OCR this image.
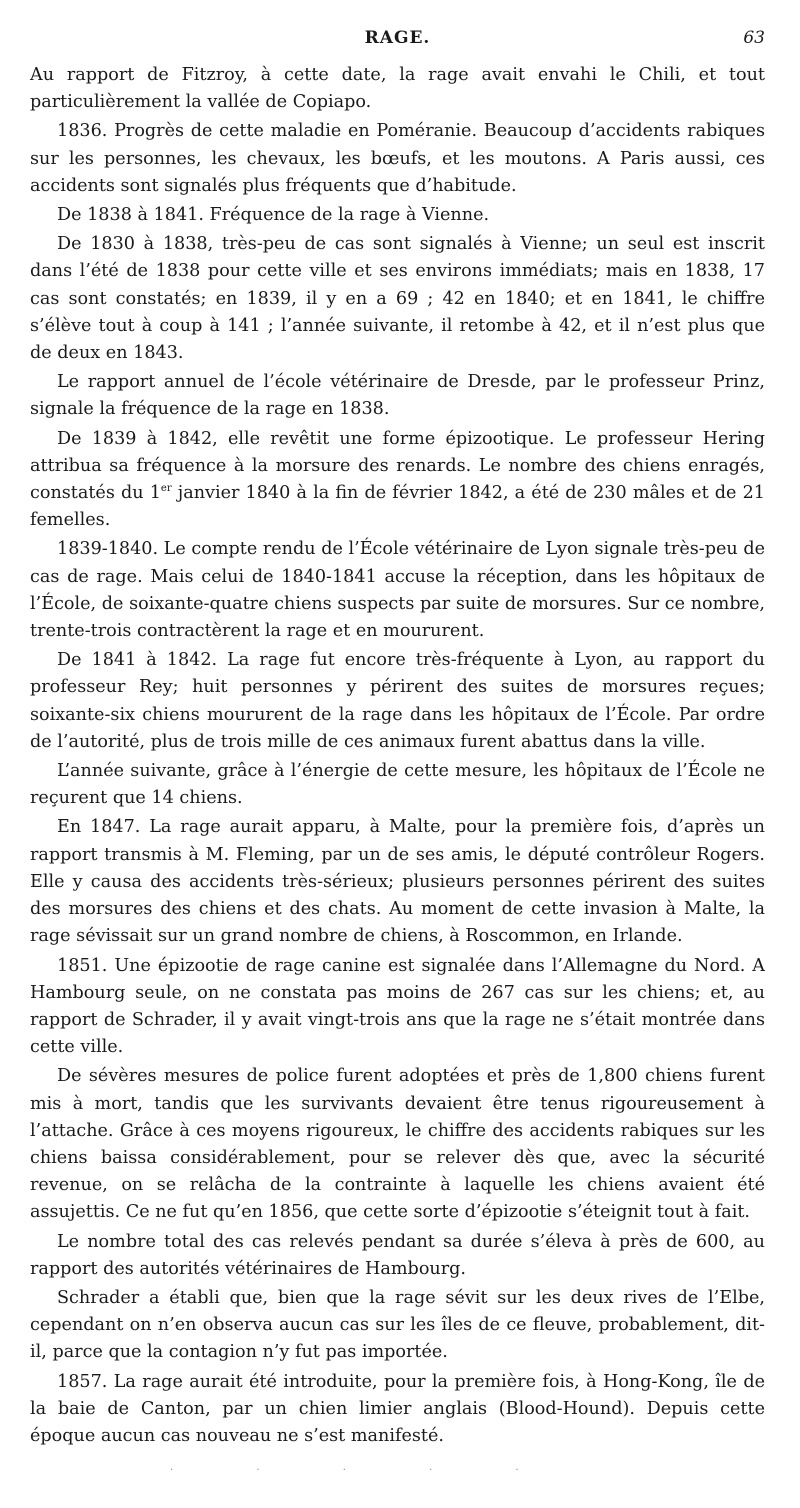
RAGE.	63

Au rapport de Fitzroy, à cette date, la rage avait envahi le Chili, et tout particulièrement la vallée de Copiapo.

1836. Progrès de cette maladie en Poméranie. Beaucoup d’accidents rabiques sur les personnes, les chevaux, les bœufs, et les moutons. A Paris aussi, ces accidents sont signalés plus fréquents que d’habitude.

De 1838 à 1841. Fréquence de la rage à Vienne.

De 1830 à 1838, très-peu de cas sont signalés à Vienne; un seul est inscrit dans l’été de 1838 pour cette ville et ses environs immédiats; mais en 1838, 17 cas sont constatés; en 1839, il y en a 69 ; 42 en 1840; et en 1841, le chiffre s’élève tout à coup à 141 ; l’année suivante, il retombe à 42, et il n’est plus que de deux en 1843.

Le rapport annuel de l’école vétérinaire de Dresde, par le professeur Prinz, signale la fréquence de la rage en 1838.

De 1839 à 1842, elle revêtit une forme épizootique. Le professeur Hering attribua sa fréquence à la morsure des renards. Le nombre des chiens enragés, constatés du 1er janvier 1840 à la fin de février 1842, a été de 230 mâles et de 21 femelles.

1839-1840. Le compte rendu de l’École vétérinaire de Lyon signale très-peu de cas de rage. Mais celui de 1840-1841 accuse la réception, dans les hôpitaux de l’École, de soixante-quatre chiens suspects par suite de morsures. Sur ce nombre, trente-trois contractèrent la rage et en moururent.

De 1841 à 1842. La rage fut encore très-fréquente à Lyon, au rapport du professeur Rey; huit personnes y périrent des suites de morsures reçues; soixante-six chiens moururent de la rage dans les hôpitaux de l’École. Par ordre de l’autorité, plus de trois mille de ces animaux furent abattus dans la ville.

L’année suivante, grâce à l’énergie de cette mesure, les hôpitaux de l’École ne reçurent que 14 chiens.

En 1847. La rage aurait apparu, à Malte, pour la première fois, d’après un rapport transmis à M. Fleming, par un de ses amis, le député contrôleur Rogers. Elle y causa des accidents très-sérieux; plusieurs personnes périrent des suites des morsures des chiens et des chats. Au moment de cette invasion à Malte, la rage sévissait sur un grand nombre de chiens, à Roscommon, en Irlande.

1851. Une épizootie de rage canine est signalée dans l’Allemagne du Nord. A Hambourg seule, on ne constata pas moins de 267 cas sur les chiens; et, au rapport de Schrader, il y avait vingt-trois ans que la rage ne s’était montrée dans cette ville.

De sévères mesures de police furent adoptées et près de 1,800 chiens furent mis à mort, tandis que les survivants devaient être tenus rigoureusement à l’attache. Grâce à ces moyens rigoureux, le chiffre des accidents rabiques sur les chiens baissa considérablement, pour se relever dès que, avec la sécurité revenue, on se relâcha de la contrainte à laquelle les chiens avaient été assujettis. Ce ne fut qu’en 1856, que cette sorte d’épizootie s’éteignit tout à fait.

Le nombre total des cas relevés pendant sa durée s’éleva à près de 600, au rapport des autorités vétérinaires de Hambourg.

Schrader a établi que, bien que la rage sévit sur les deux rives de l’Elbe, cependant on n’en observa aucun cas sur les îles de ce fleuve, probablement, dit-il, parce que la contagion n’y fut pas importée.

1857. La rage aurait été introduite, pour la première fois, à Hong-Kong, île de la baie de Canton, par un chien limier anglais (Blood-Hound). Depuis cette époque aucun cas nouveau ne s’est manifesté.

· · · · ·
